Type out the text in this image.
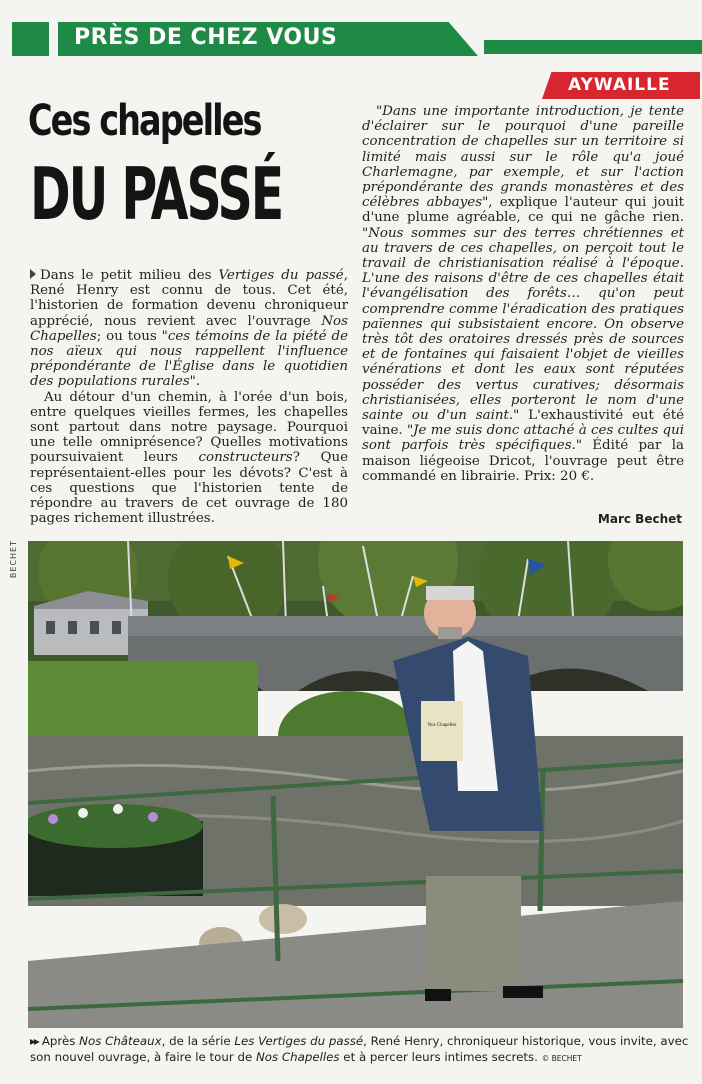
PRÈS DE CHEZ VOUS
AYWAILLE
Ces chapelles
DU PASSÉ

Dans le petit milieu des Vertiges du passé, René Henry est connu de tous. Cet été, l'historien de formation devenu chroniqueur apprécié, nous revient avec l'ouvrage Nos Chapelles; ou tous "ces témoins de la piété de nos aïeux qui nous rappellent l'influence prépondérante de l'Église dans le quotidien des populations rurales".

Au détour d'un chemin, à l'orée d'un bois, entre quelques vieilles fermes, les chapelles sont partout dans notre paysage. Pourquoi une telle omniprésence? Quelles motivations poursuivaient leurs constructeurs? Que représentaient-elles pour les dévots? C'est à ces questions que l'historien tente de répondre au travers de cet ouvrage de 180 pages richement illustrées.

"Dans une importante introduction, je tente d'éclairer sur le pourquoi d'une pareille concentration de chapelles sur un territoire si limité mais aussi sur le rôle qu'a joué Charlemagne, par exemple, et sur l'action prépondérante des grands monastères et des célèbres abbayes", explique l'auteur qui jouit d'une plume agréable, ce qui ne gâche rien. "Nous sommes sur des terres chrétiennes et au travers de ces chapelles, on perçoit tout le travail de christianisation réalisé à l'époque. L'une des raisons d'être de ces chapelles était l'évangélisation des forêts… qu'on peut comprendre comme l'éradication des pratiques païennes qui subsistaient encore. On observe très tôt des oratoires dressés près de sources et de fontaines qui faisaient l'objet de vieilles vénérations et dont les eaux sont réputées posséder des vertus curatives; désormais christianisées, elles porteront le nom d'une sainte ou d'un saint." L'exhaustivité eut été vaine. "Je me suis donc attaché à ces cultes qui sont parfois très spécifiques." Édité par la maison liégeoise Dricot, l'ouvrage peut être commandé en librairie. Prix: 20 €.

Marc Bechet
BECHET
Nos Chapelles
▸▸ Après Nos Châteaux, de la série Les Vertiges du passé, René Henry, chroniqueur historique, vous invite, avec son nouvel ouvrage, à faire le tour de Nos Chapelles et à percer leurs intimes secrets. © BECHET
